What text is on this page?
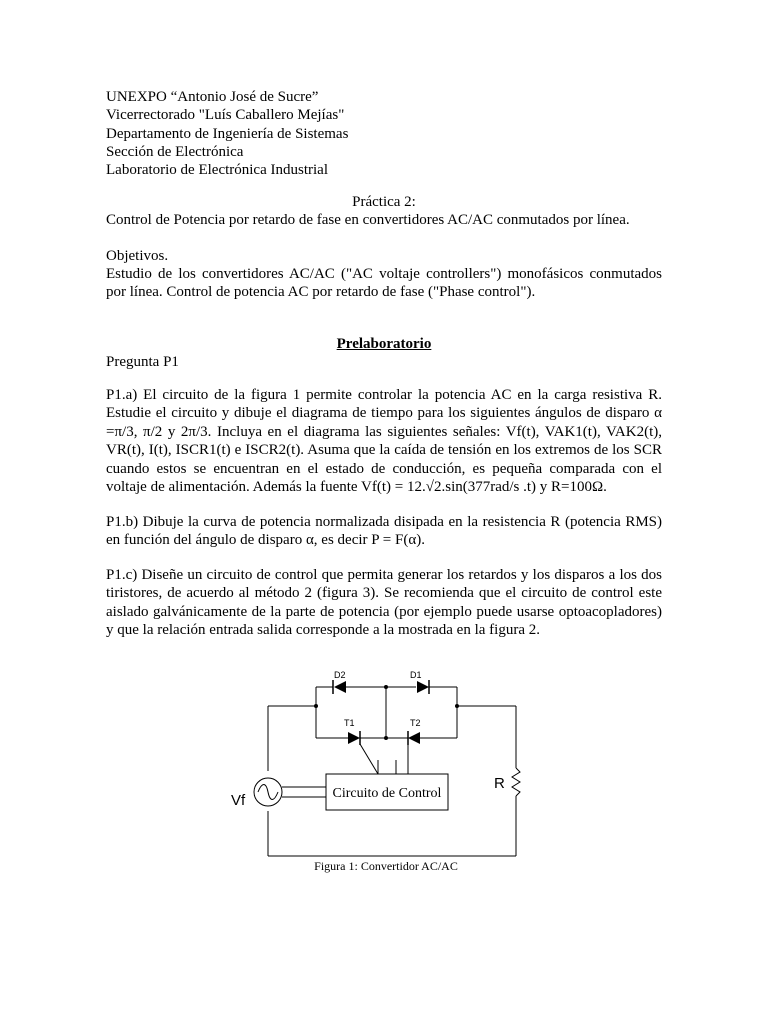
UNEXPO “Antonio José de Sucre”
Vicerrectorado "Luís Caballero Mejías"
Departamento de Ingeniería de Sistemas
Sección de Electrónica
Laboratorio de Electrónica Industrial
Práctica 2:
Control de Potencia por retardo de fase en convertidores AC/AC conmutados por línea.
Objetivos.
Estudio de los convertidores AC/AC ("AC voltaje controllers") monofásicos conmutados por línea. Control de potencia AC por retardo de fase ("Phase control").
Prelaboratorio
Pregunta P1
P1.a) El circuito de la figura 1 permite controlar la potencia AC en la carga resistiva R. Estudie el circuito y dibuje el diagrama de tiempo para los siguientes ángulos de disparo α =π/3, π/2 y 2π/3. Incluya en el diagrama las siguientes señales: Vf(t), VAK1(t), VAK2(t), VR(t), I(t), ISCR1(t) e ISCR2(t). Asuma que la caída de tensión en los extremos de los SCR cuando estos se encuentran en el estado de conducción, es pequeña comparada con el voltaje de alimentación. Además la fuente Vf(t) = 12.√2.sin(377rad/s .t) y R=100Ω.
P1.b) Dibuje la curva de potencia normalizada disipada en la resistencia R (potencia RMS) en función del ángulo de disparo α, es decir P = F(α).
P1.c) Diseñe un circuito de control que permita generar los retardos y los disparos a los dos tiristores, de acuerdo al método 2 (figura 3). Se recomienda que el circuito de control este aislado galvánicamente de la parte de potencia (por ejemplo puede usarse optoacopladores) y que la relación entrada salida corresponde a la mostrada en la figura 2.
D2	D1
T1	T2
Vf
R
Circuito de Control
Figura 1: Convertidor AC/AC
